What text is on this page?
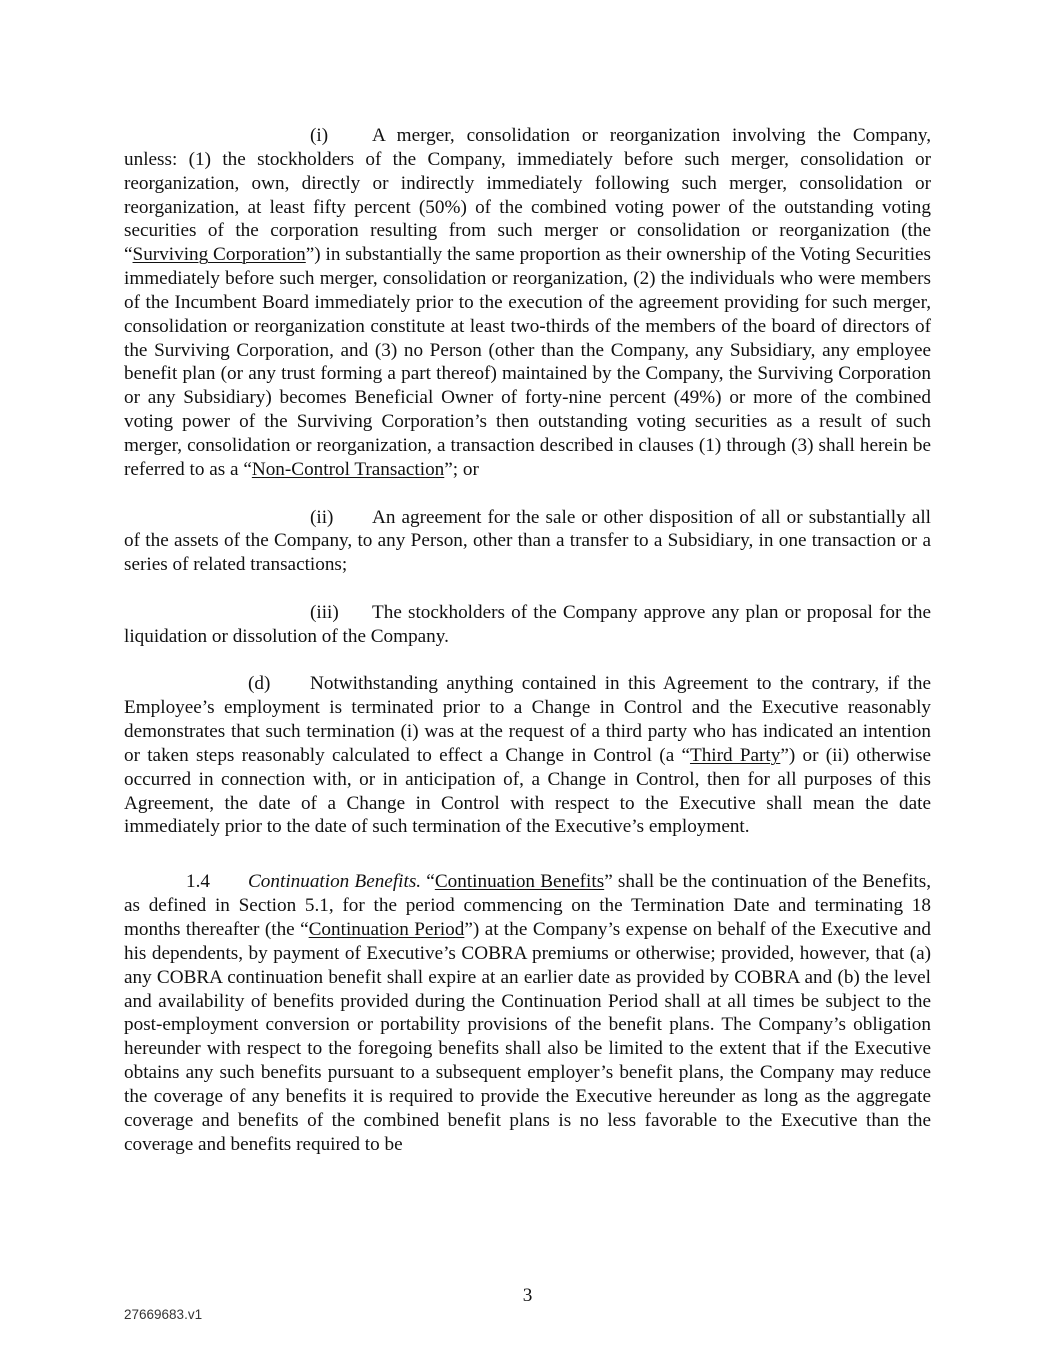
(i) A merger, consolidation or reorganization involving the Company, unless: (1) the stockholders of the Company, immediately before such merger, consolidation or reorganization, own, directly or indirectly immediately following such merger, consolidation or reorganization, at least fifty percent (50%) of the combined voting power of the outstanding voting securities of the corporation resulting from such merger or consolidation or reorganization (the “Surviving Corporation”) in substantially the same proportion as their ownership of the Voting Securities immediately before such merger, consolidation or reorganization, (2) the individuals who were members of the Incumbent Board immediately prior to the execution of the agreement providing for such merger, consolidation or reorganization constitute at least two-thirds of the members of the board of directors of the Surviving Corporation, and (3) no Person (other than the Company, any Subsidiary, any employee benefit plan (or any trust forming a part thereof) maintained by the Company, the Surviving Corporation or any Subsidiary) becomes Beneficial Owner of forty-nine percent (49%) or more of the combined voting power of the Surviving Corporation’s then outstanding voting securities as a result of such merger, consolidation or reorganization, a transaction described in clauses (1) through (3) shall herein be referred to as a “Non-Control Transaction”; or

(ii) An agreement for the sale or other disposition of all or substantially all of the assets of the Company, to any Person, other than a transfer to a Subsidiary, in one transaction or a series of related transactions;

(iii) The stockholders of the Company approve any plan or proposal for the liquidation or dissolution of the Company.

(d) Notwithstanding anything contained in this Agreement to the contrary, if the Employee’s employment is terminated prior to a Change in Control and the Executive reasonably demonstrates that such termination (i) was at the request of a third party who has indicated an intention or taken steps reasonably calculated to effect a Change in Control (a “Third Party”) or (ii) otherwise occurred in connection with, or in anticipation of, a Change in Control, then for all purposes of this Agreement, the date of a Change in Control with respect to the Executive shall mean the date immediately prior to the date of such termination of the Executive’s employment.

1.4 Continuation Benefits. “Continuation Benefits” shall be the continuation of the Benefits, as defined in Section 5.1, for the period commencing on the Termination Date and terminating 18 months thereafter (the “Continuation Period”) at the Company’s expense on behalf of the Executive and his dependents, by payment of Executive’s COBRA premiums or otherwise; provided, however, that (a) any COBRA continuation benefit shall expire at an earlier date as provided by COBRA and (b) the level and availability of benefits provided during the Continuation Period shall at all times be subject to the post-employment conversion or portability provisions of the benefit plans. The Company’s obligation hereunder with respect to the foregoing benefits shall also be limited to the extent that if the Executive obtains any such benefits pursuant to a subsequent employer’s benefit plans, the Company may reduce the coverage of any benefits it is required to provide the Executive hereunder as long as the aggregate coverage and benefits of the combined benefit plans is no less favorable to the Executive than the coverage and benefits required to be

3
27669683.v1
